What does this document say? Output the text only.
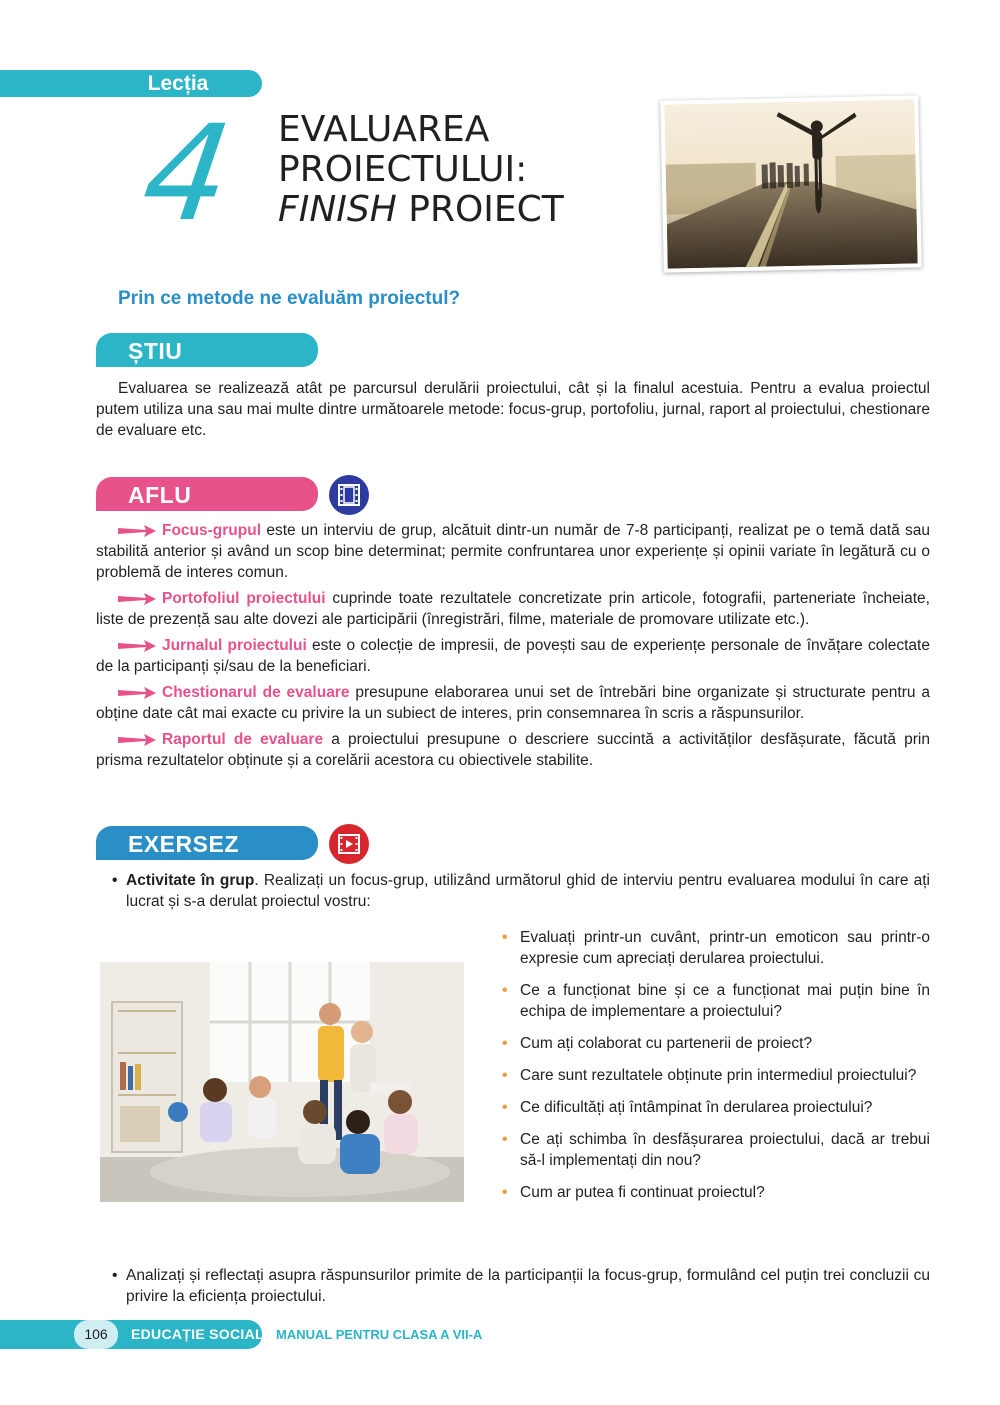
Lecția
4 EVALUAREA
PROIECTULUI:
FINISH PROIECT
Prin ce metode ne evaluăm proiectul?
ȘTIU
Evaluarea se realizează atât pe parcursul derulării proiectului, cât și la finalul acestuia. Pentru a evalua proiectul putem utiliza una sau mai multe dintre următoarele metode: focus-grup, portofoliu, jurnal, raport al proiectului, chestionare de evaluare etc.
AFLU
Focus-grupul este un interviu de grup, alcătuit dintr-un număr de 7-8 participanți, realizat pe o temă dată sau stabilită anterior și având un scop bine determinat; permite confruntarea unor experiențe și opinii variate în legătură cu o problemă de interes comun.
Portofoliul proiectului cuprinde toate rezultatele concretizate prin articole, fotografii, parteneriate încheiate, liste de prezență sau alte dovezi ale participării (înregistrări, filme, materiale de promovare utilizate etc.).
Jurnalul proiectului este o colecție de impresii, de povești sau de experiențe personale de învățare colectate de la participanți și/sau de la beneficiari.
Chestionarul de evaluare presupune elaborarea unui set de întrebări bine organizate și structurate pentru a obține date cât mai exacte cu privire la un subiect de interes, prin consemnarea în scris a răspunsurilor.
Raportul de evaluare a proiectului presupune o descriere succintă a activităților desfășurate, făcută prin prisma rezultatelor obținute și a corelării acestora cu obiectivele stabilite.
EXERSEZ
• Activitate în grup. Realizați un focus-grup, utilizând următorul ghid de interviu pentru evaluarea modului în care ați lucrat și s-a derulat proiectul vostru:
• Evaluați printr-un cuvânt, printr-un emoticon sau printr-o expresie cum apreciați derularea proiectului.
• Ce a funcționat bine și ce a funcționat mai puțin bine în echipa de implementare a proiectului?
• Cum ați colaborat cu partenerii de proiect?
• Care sunt rezultatele obținute prin intermediul proiectului?
• Ce dificultăți ați întâmpinat în derularea proiectului?
• Ce ați schimba în desfășurarea proiectului, dacă ar trebui să-l implementați din nou?
• Cum ar putea fi continuat proiectul?
• Analizați și reflectați asupra răspunsurilor primite de la participanții la focus-grup, formulând cel puțin trei concluzii cu privire la eficiența proiectului.
106	EDUCAȚIE SOCIALĂ MANUAL PENTRU CLASA A VII-A
